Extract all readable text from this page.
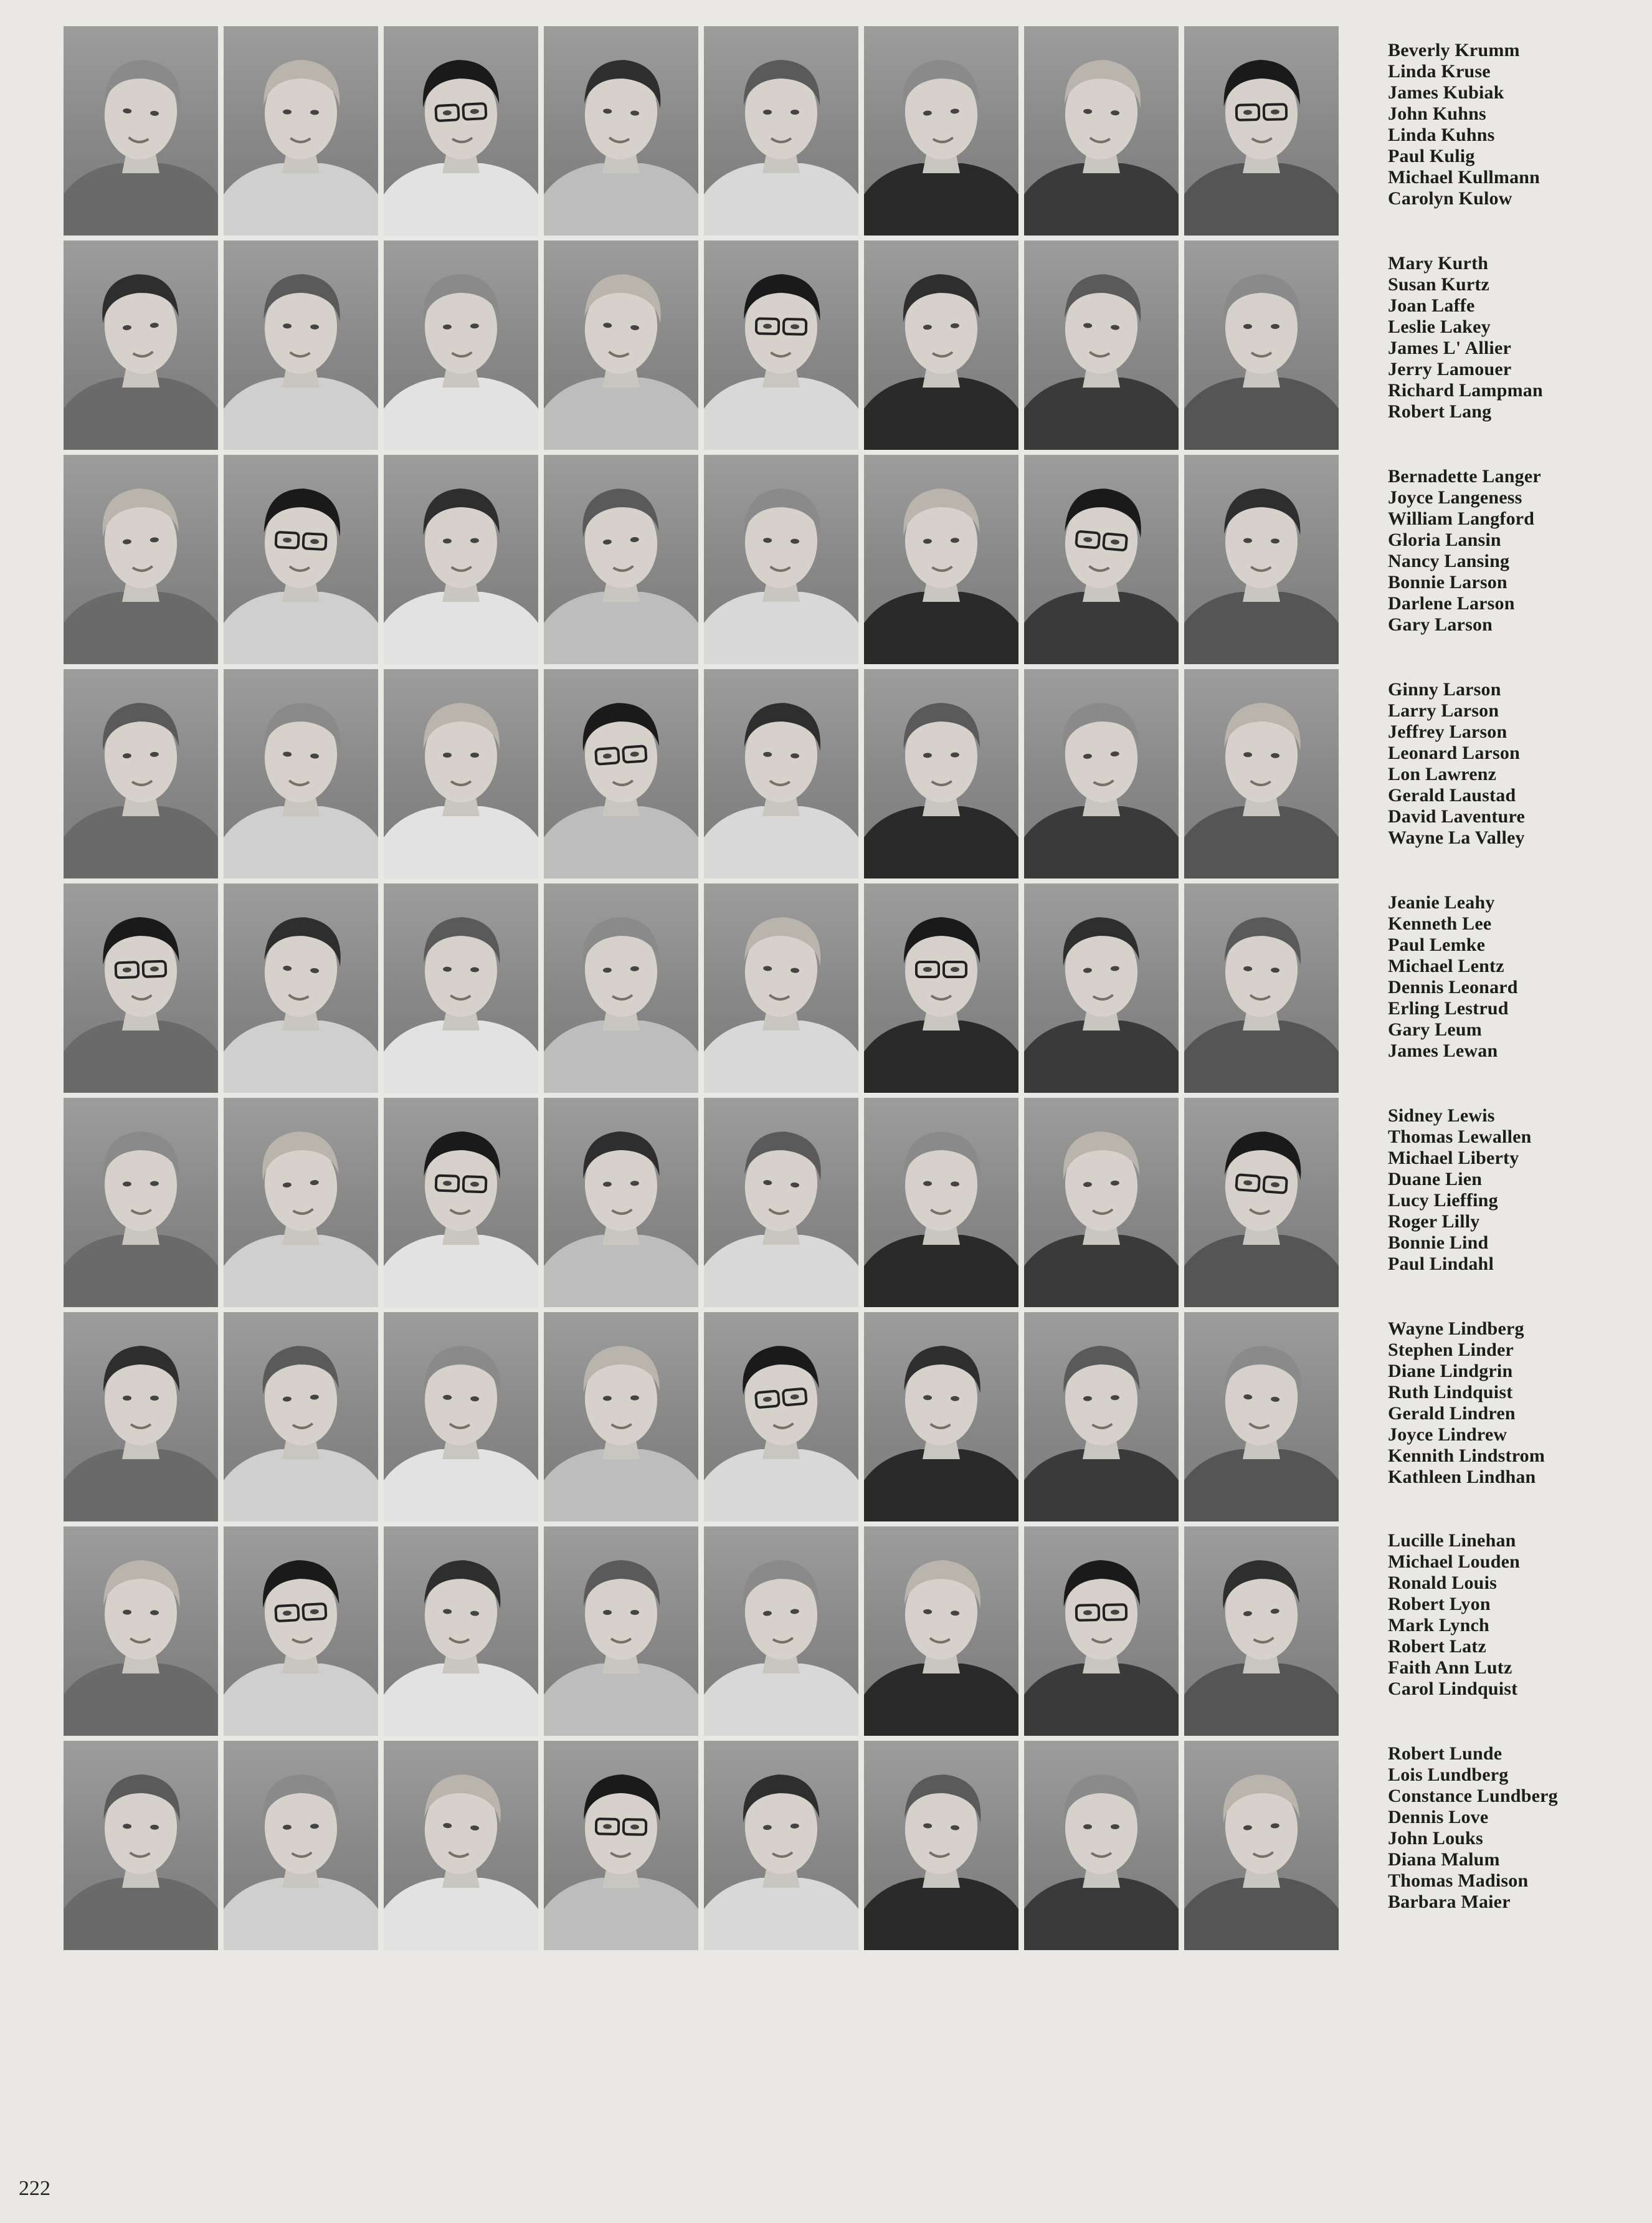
Beverly Krumm
Linda Kruse
James Kubiak
John Kuhns
Linda Kuhns
Paul Kulig
Michael Kullmann
Carolyn Kulow
Mary Kurth
Susan Kurtz
Joan Laffe
Leslie Lakey
James L' Allier
Jerry Lamouer
Richard Lampman
Robert Lang
Bernadette Langer
Joyce Langeness
William Langford
Gloria Lansin
Nancy Lansing
Bonnie Larson
Darlene Larson
Gary Larson
Ginny Larson
Larry Larson
Jeffrey Larson
Leonard Larson
Lon Lawrenz
Gerald Laustad
David Laventure
Wayne La Valley
Jeanie Leahy
Kenneth Lee
Paul Lemke
Michael Lentz
Dennis Leonard
Erling Lestrud
Gary Leum
James Lewan
Sidney Lewis
Thomas Lewallen
Michael Liberty
Duane Lien
Lucy Lieffing
Roger Lilly
Bonnie Lind
Paul Lindahl
Wayne Lindberg
Stephen Linder
Diane Lindgrin
Ruth Lindquist
Gerald Lindren
Joyce Lindrew
Kennith Lindstrom
Kathleen Lindhan
Lucille Linehan
Michael Louden
Ronald Louis
Robert Lyon
Mark Lynch
Robert Latz
Faith Ann Lutz
Carol Lindquist
Robert Lunde
Lois Lundberg
Constance Lundberg
Dennis Love
John Louks
Diana Malum
Thomas Madison
Barbara Maier
222
